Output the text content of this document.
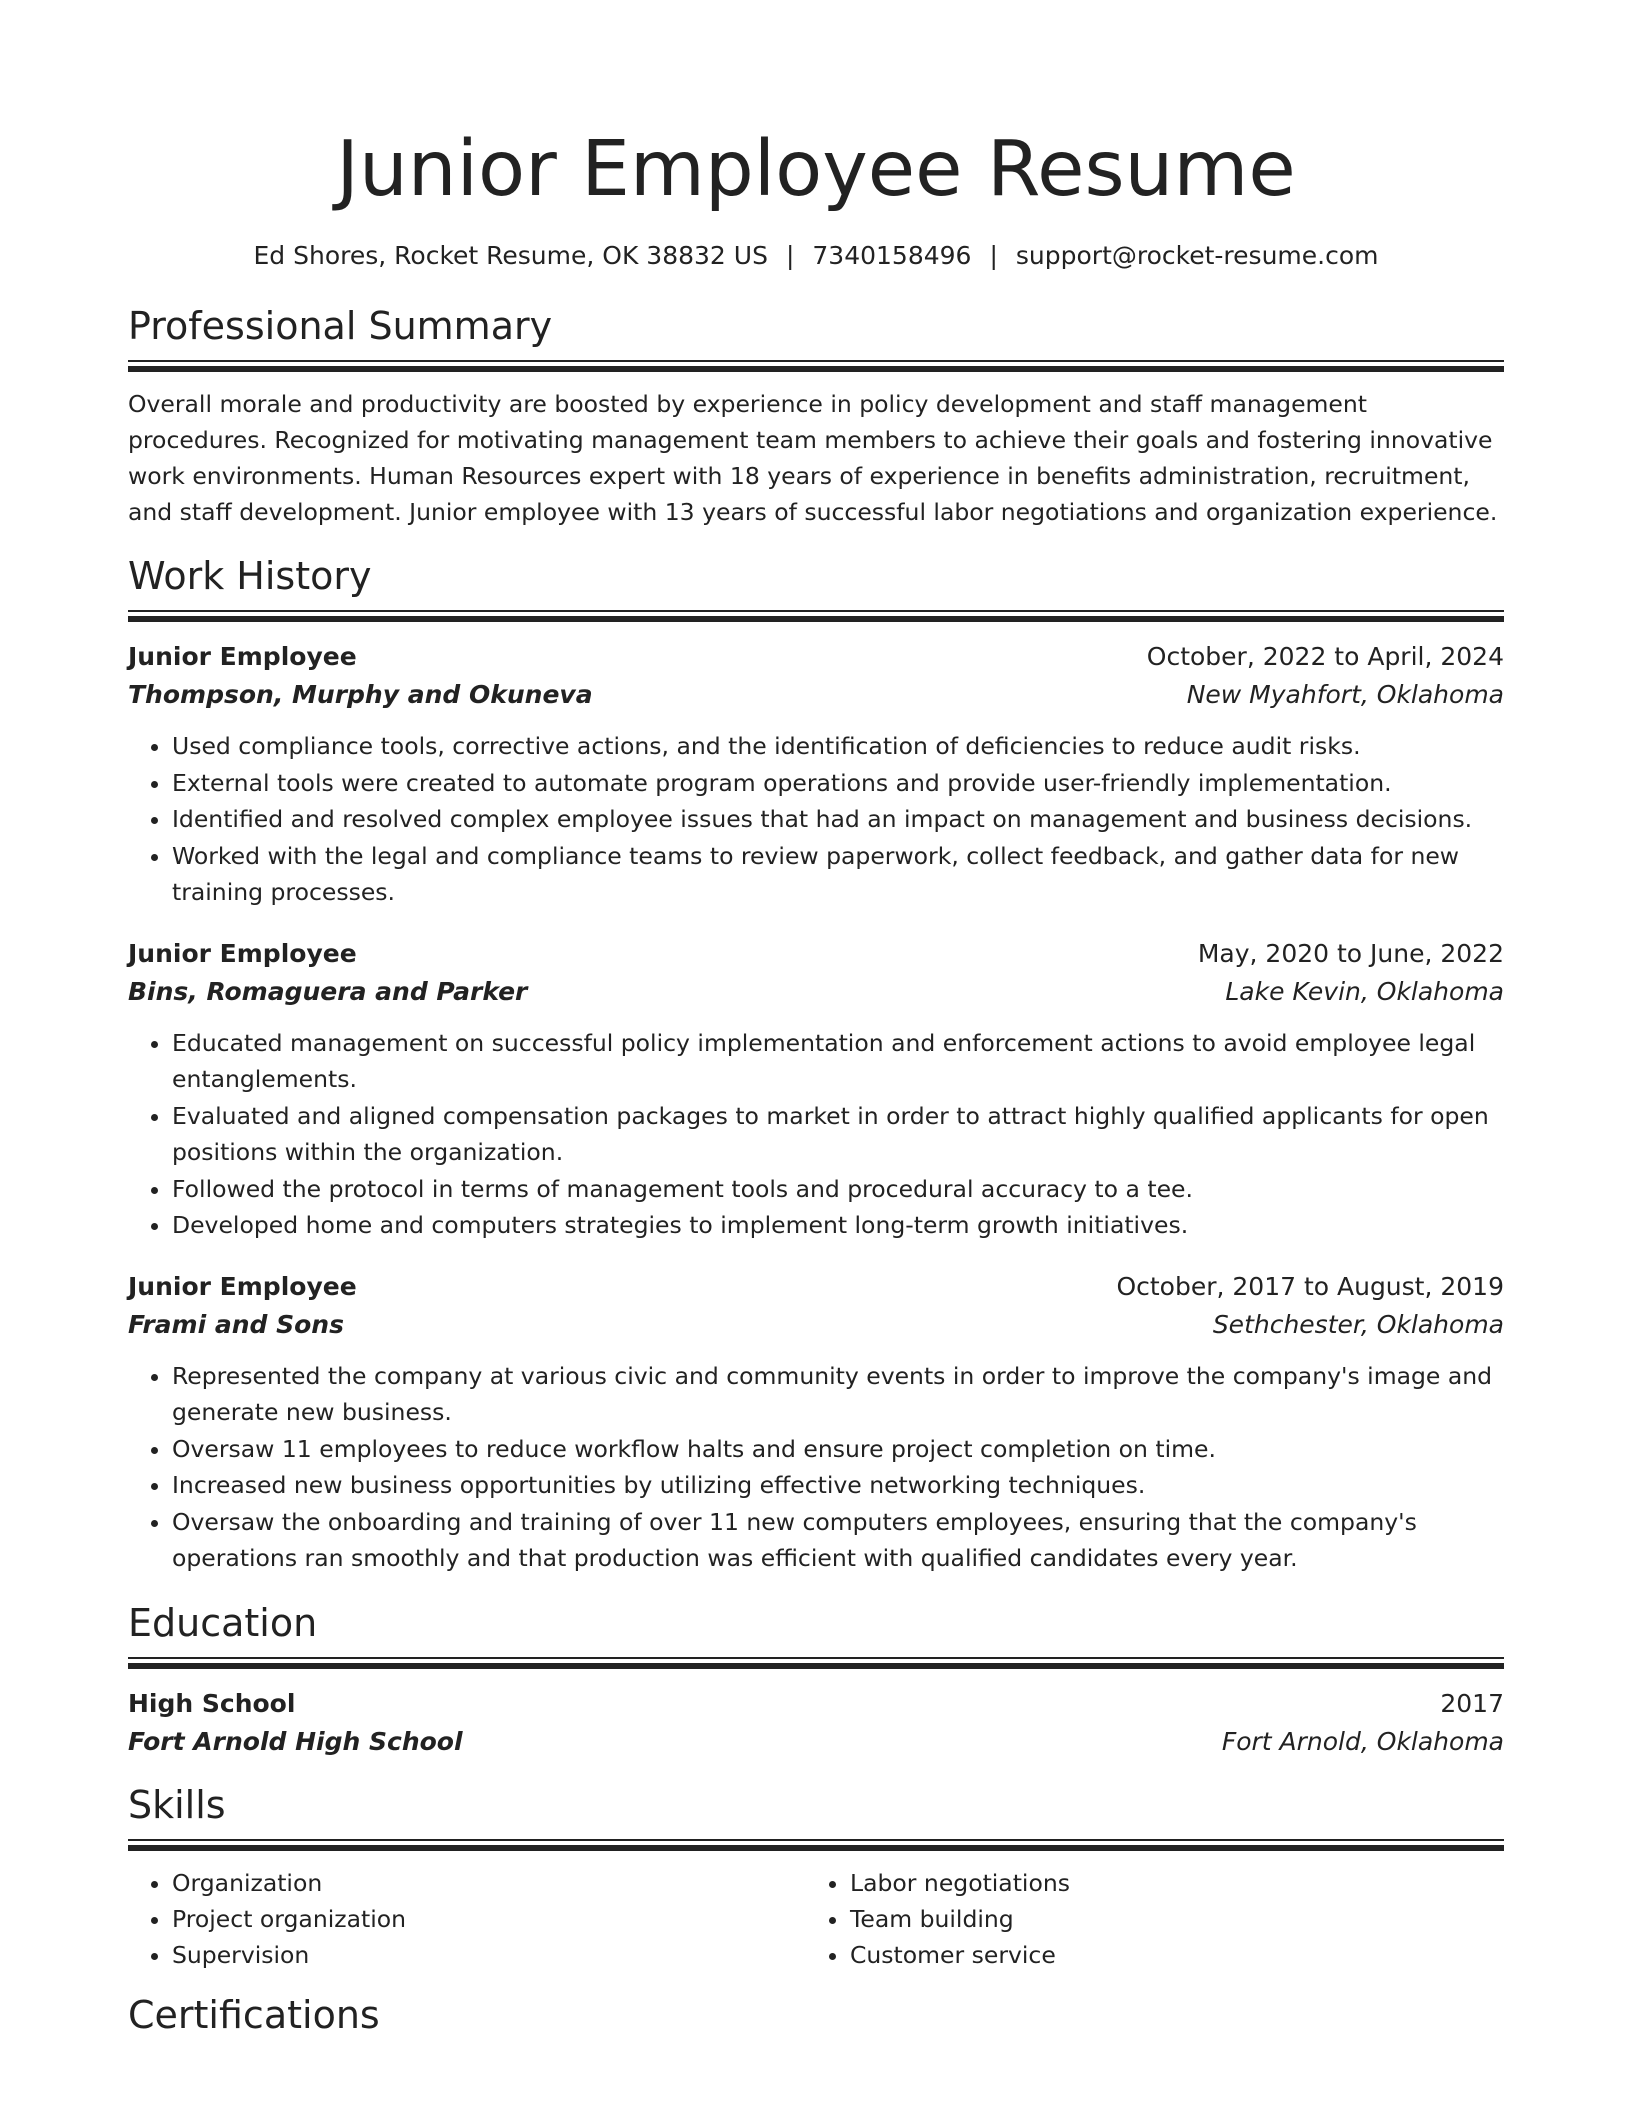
Junior Employee Resume
Ed Shores, Rocket Resume, OK 38832 US | 7340158496 | support@rocket-resume.com
Professional Summary

Overall morale and productivity are boosted by experience in policy development and staff management procedures. Recognized for motivating management team members to achieve their goals and fostering innovative work environments. Human Resources expert with 18 years of experience in benefits administration, recruitment, and staff development. Junior employee with 13 years of successful labor negotiations and organization experience.

Work History
Junior Employee	October, 2022 to April, 2024
Thompson, Murphy and Okuneva	New Myahfort, Oklahoma
• Used compliance tools, corrective actions, and the identification of deficiencies to reduce audit risks.
• External tools were created to automate program operations and provide user-friendly implementation.
• Identified and resolved complex employee issues that had an impact on management and business decisions.
• Worked with the legal and compliance teams to review paperwork, collect feedback, and gather data for new training processes.
Junior Employee	May, 2020 to June, 2022
Bins, Romaguera and Parker	Lake Kevin, Oklahoma
• Educated management on successful policy implementation and enforcement actions to avoid employee legal entanglements.
• Evaluated and aligned compensation packages to market in order to attract highly qualified applicants for open positions within the organization.
• Followed the protocol in terms of management tools and procedural accuracy to a tee.
• Developed home and computers strategies to implement long-term growth initiatives.
Junior Employee	October, 2017 to August, 2019
Frami and Sons	Sethchester, Oklahoma
• Represented the company at various civic and community events in order to improve the company's image and generate new business.
• Oversaw 11 employees to reduce workflow halts and ensure project completion on time.
• Increased new business opportunities by utilizing effective networking techniques.
• Oversaw the onboarding and training of over 11 new computers employees, ensuring that the company's operations ran smoothly and that production was efficient with qualified candidates every year.
Education
High School	2017
Fort Arnold High School	Fort Arnold, Oklahoma
Skills
• Organization
• Project organization
• Supervision
• Labor negotiations
• Team building
• Customer service
Certifications
